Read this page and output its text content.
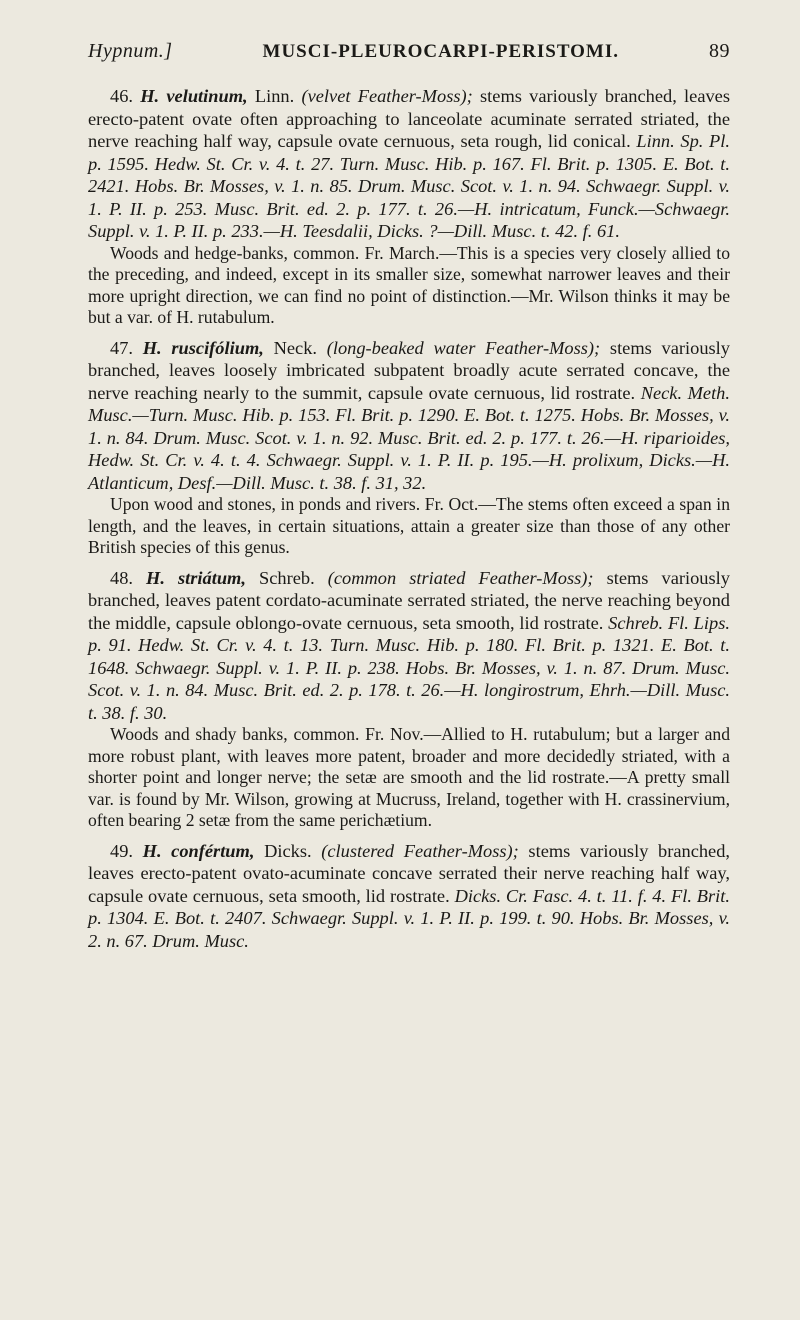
Hypnum.]	MUSCI-PLEUROCARPI-PERISTOMI.	89

46. H. velutinum, Linn. (velvet Feather-Moss); stems variously branched, leaves erecto-patent ovate often approaching to lanceolate acuminate serrated striated, the nerve reaching half way, capsule ovate cernuous, seta rough, lid conical. Linn. Sp. Pl. p. 1595. Hedw. St. Cr. v. 4. t. 27. Turn. Musc. Hib. p. 167. Fl. Brit. p. 1305. E. Bot. t. 2421. Hobs. Br. Mosses, v. 1. n. 85. Drum. Musc. Scot. v. 1. n. 94. Schwaegr. Suppl. v. 1. P. II. p. 253. Musc. Brit. ed. 2. p. 177. t. 26.—H. intricatum, Funck.—Schwaegr. Suppl. v. 1. P. II. p. 233.—H. Teesdalii, Dicks. ?—Dill. Musc. t. 42. f. 61.

Woods and hedge-banks, common. Fr. March.—This is a species very closely allied to the preceding, and indeed, except in its smaller size, somewhat narrower leaves and their more upright direction, we can find no point of distinction.—Mr. Wilson thinks it may be but a var. of H. rutabulum.

47. H. ruscifólium, Neck. (long-beaked water Feather-Moss); stems variously branched, leaves loosely imbricated subpatent broadly acute serrated concave, the nerve reaching nearly to the summit, capsule ovate cernuous, lid rostrate. Neck. Meth. Musc.—Turn. Musc. Hib. p. 153. Fl. Brit. p. 1290. E. Bot. t. 1275. Hobs. Br. Mosses, v. 1. n. 84. Drum. Musc. Scot. v. 1. n. 92. Musc. Brit. ed. 2. p. 177. t. 26.—H. riparioides, Hedw. St. Cr. v. 4. t. 4. Schwaegr. Suppl. v. 1. P. II. p. 195.—H. prolixum, Dicks.—H. Atlanticum, Desf.—Dill. Musc. t. 38. f. 31, 32.

Upon wood and stones, in ponds and rivers. Fr. Oct.—The stems often exceed a span in length, and the leaves, in certain situations, attain a greater size than those of any other British species of this genus.

48. H. striátum, Schreb. (common striated Feather-Moss); stems variously branched, leaves patent cordato-acuminate serrated striated, the nerve reaching beyond the middle, capsule oblongo-ovate cernuous, seta smooth, lid rostrate. Schreb. Fl. Lips. p. 91. Hedw. St. Cr. v. 4. t. 13. Turn. Musc. Hib. p. 180. Fl. Brit. p. 1321. E. Bot. t. 1648. Schwaegr. Suppl. v. 1. P. II. p. 238. Hobs. Br. Mosses, v. 1. n. 87. Drum. Musc. Scot. v. 1. n. 84. Musc. Brit. ed. 2. p. 178. t. 26.—H. longirostrum, Ehrh.—Dill. Musc. t. 38. f. 30.

Woods and shady banks, common. Fr. Nov.—Allied to H. rutabulum; but a larger and more robust plant, with leaves more patent, broader and more decidedly striated, with a shorter point and longer nerve; the setæ are smooth and the lid rostrate.—A pretty small var. is found by Mr. Wilson, growing at Mucruss, Ireland, together with H. crassinervium, often bearing 2 setæ from the same perichætium.

49. H. confértum, Dicks. (clustered Feather-Moss); stems variously branched, leaves erecto-patent ovato-acuminate concave serrated their nerve reaching half way, capsule ovate cernuous, seta smooth, lid rostrate. Dicks. Cr. Fasc. 4. t. 11. f. 4. Fl. Brit. p. 1304. E. Bot. t. 2407. Schwaegr. Suppl. v. 1. P. II. p. 199. t. 90. Hobs. Br. Mosses, v. 2. n. 67. Drum. Musc.
